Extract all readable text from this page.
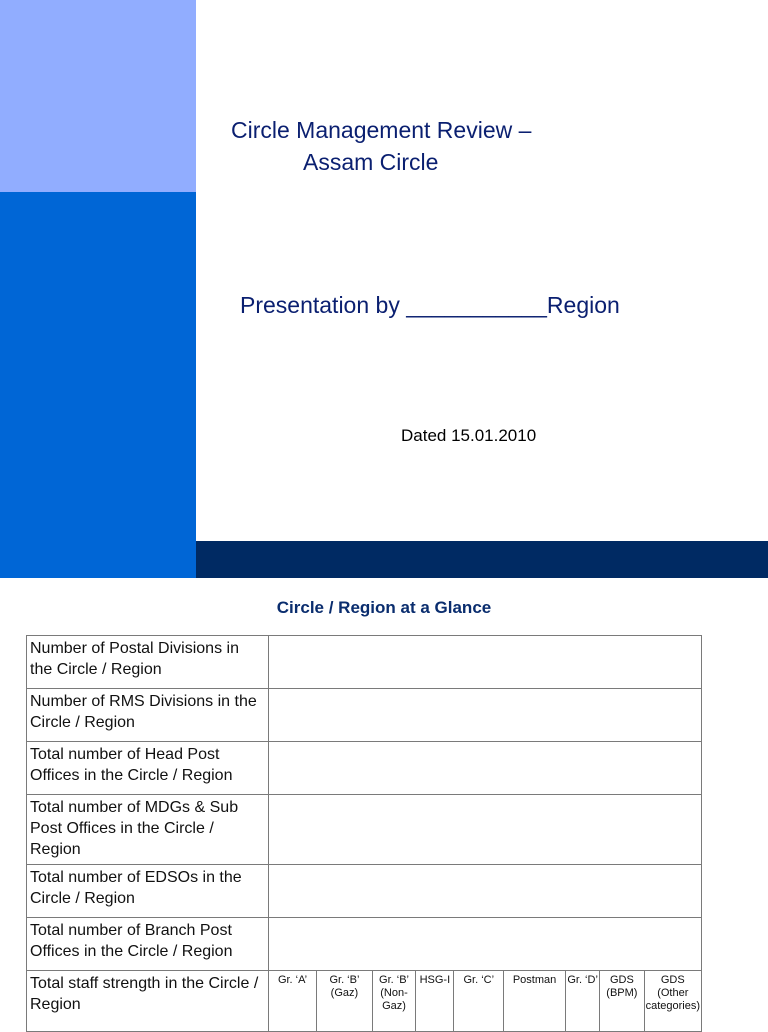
Circle Management Review –
Assam Circle
Presentation by ___________Region
Dated 15.01.2010
Circle / Region at a Glance
Number of Postal Divisions in the Circle / Region	
Number of RMS Divisions in the Circle / Region	
Total number of Head Post Offices in the Circle / Region	
Total number of MDGs & Sub Post Offices in the Circle / Region	
Total number of EDSOs in the Circle / Region	
Total number of Branch Post Offices in the Circle / Region	
Total staff strength in the Circle / Region	
Gr. ‘A’	Gr. ‘B’ (Gaz)	Gr. ‘B’ (Non-Gaz)	HSG-I	Gr. ‘C’	Postman	Gr. ‘D’	GDS (BPM)	GDS (Other categories)
